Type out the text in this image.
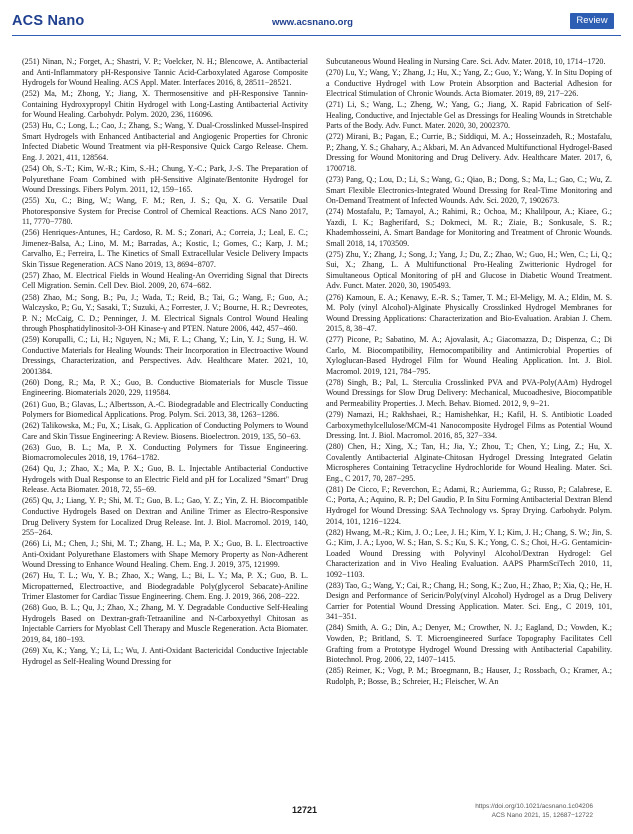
ACS Nano	www.acsnano.org	Review

(251) Ninan, N.; Forget, A.; Shastri, V. P.; Voelcker, N. H.; Blencowe, A. Antibacterial and Anti-Inflammatory pH-Responsive Tannic Acid-Carboxylated Agarose Composite Hydrogels for Wound Healing. ACS Appl. Mater. Interfaces 2016, 8, 28511−28521.

(252) Ma, M.; Zhong, Y.; Jiang, X. Thermosensitive and pH-Responsive Tannin-Containing Hydroxypropyl Chitin Hydrogel with Long-Lasting Antibacterial Activity for Wound Healing. Carbohydr. Polym. 2020, 236, 116096.

(253) Hu, C.; Long, L.; Cao, J.; Zhang, S.; Wang, Y. Dual-Crosslinked Mussel-Inspired Smart Hydrogels with Enhanced Antibacterial and Angiogenic Properties for Chronic Infected Diabetic Wound Treatment via pH-Responsive Quick Cargo Release. Chem. Eng. J. 2021, 411, 128564.

(254) Oh, S.-T.; Kim, W.-R.; Kim, S.-H.; Chung, Y.-C.; Park, J.-S. The Preparation of Polyurethane Foam Combined with pH-Sensitive Alginate/Bentonite Hydrogel for Wound Dressings. Fibers Polym. 2011, 12, 159−165.

(255) Xu, C.; Bing, W.; Wang, F. M.; Ren, J. S.; Qu, X. G. Versatile Dual Photoresponsive System for Precise Control of Chemical Reactions. ACS Nano 2017, 11, 7770−7780.

(256) Henriques-Antunes, H.; Cardoso, R. M. S.; Zonari, A.; Correia, J.; Leal, E. C.; Jimenez-Balsa, A.; Lino, M. M.; Barradas, A.; Kostic, I.; Gomes, C.; Karp, J. M.; Carvalho, E.; Ferreira, L. The Kinetics of Small Extracellular Vesicle Delivery Impacts Skin Tissue Regeneration. ACS Nano 2019, 13, 8694−8707.

(257) Zhao, M. Electrical Fields in Wound Healing-An Overriding Signal that Directs Cell Migration. Semin. Cell Dev. Biol. 2009, 20, 674−682.

(258) Zhao, M.; Song, B.; Pu, J.; Wada, T.; Reid, B.; Tai, G.; Wang, F.; Guo, A.; Walczysko, P.; Gu, Y.; Sasaki, T.; Suzuki, A.; Forrester, J. V.; Bourne, H. R.; Devreotes, P. N.; McCaig, C. D.; Penninger, J. M. Electrical Signals Control Wound Healing through Phosphatidylinositol-3-OH Kinase-γ and PTEN. Nature 2006, 442, 457−460.

(259) Korupalli, C.; Li, H.; Nguyen, N.; Mi, F. L.; Chang, Y.; Lin, Y. J.; Sung, H. W. Conductive Materials for Healing Wounds: Their Incorporation in Electroactive Wound Dressings, Characterization, and Perspectives. Adv. Healthcare Mater. 2021, 10, 2001384.

(260) Dong, R.; Ma, P. X.; Guo, B. Conductive Biomaterials for Muscle Tissue Engineering. Biomaterials 2020, 229, 119584.

(261) Guo, B.; Glavas, L.; Albertsson, A.-C. Biodegradable and Electrically Conducting Polymers for Biomedical Applications. Prog. Polym. Sci. 2013, 38, 1263−1286.

(262) Talikowska, M.; Fu, X.; Lisak, G. Application of Conducting Polymers to Wound Care and Skin Tissue Engineering: A Review. Biosens. Bioelectron. 2019, 135, 50−63.

(263) Guo, B. L.; Ma, P. X. Conducting Polymers for Tissue Engineering. Biomacromolecules 2018, 19, 1764−1782.

(264) Qu, J.; Zhao, X.; Ma, P. X.; Guo, B. L. Injectable Antibacterial Conductive Hydrogels with Dual Response to an Electric Field and pH for Localized "Smart" Drug Release. Acta Biomater. 2018, 72, 55−69.

(265) Qu, J.; Liang, Y. P.; Shi, M. T.; Guo, B. L.; Gao, Y. Z.; Yin, Z. H. Biocompatible Conductive Hydrogels Based on Dextran and Aniline Trimer as Electro-Responsive Drug Delivery System for Localized Drug Release. Int. J. Biol. Macromol. 2019, 140, 255−264.

(266) Li, M.; Chen, J.; Shi, M. T.; Zhang, H. L.; Ma, P. X.; Guo, B. L. Electroactive Anti-Oxidant Polyurethane Elastomers with Shape Memory Property as Non-Adherent Wound Dressing to Enhance Wound Healing. Chem. Eng. J. 2019, 375, 121999.

(267) Hu, T. L.; Wu, Y. B.; Zhao, X.; Wang, L.; Bi, L. Y.; Ma, P. X.; Guo, B. L. Micropatterned, Electroactive, and Biodegradable Poly(glycerol Sebacate)-Aniline Trimer Elastomer for Cardiac Tissue Engineering. Chem. Eng. J. 2019, 366, 208−222.

(268) Guo, B. L.; Qu, J.; Zhao, X.; Zhang, M. Y. Degradable Conductive Self-Healing Hydrogels Based on Dextran-graft-Tetraaniline and N-Carboxyethyl Chitosan as Injectable Carriers for Myoblast Cell Therapy and Muscle Regeneration. Acta Biomater. 2019, 84, 180−193.

(269) Xu, K.; Yang, Y.; Li, L.; Wu, J. Anti-Oxidant Bactericidal Conductive Injectable Hydrogel as Self-Healing Wound Dressing for

Subcutaneous Wound Healing in Nursing Care. Sci. Adv. Mater. 2018, 10, 1714−1720.

(270) Lu, Y.; Wang, Y.; Zhang, J.; Hu, X.; Yang, Z.; Guo, Y.; Wang, Y. In Situ Doping of a Conductive Hydrogel with Low Protein Absorption and Bacterial Adhesion for Electrical Stimulation of Chronic Wounds. Acta Biomater. 2019, 89, 217−226.

(271) Li, S.; Wang, L.; Zheng, W.; Yang, G.; Jiang, X. Rapid Fabrication of Self-Healing, Conductive, and Injectable Gel as Dressings for Healing Wounds in Stretchable Parts of the Body. Adv. Funct. Mater. 2020, 30, 2002370.

(272) Mirani, B.; Pagan, E.; Currie, B.; Siddiqui, M. A.; Hosseinzadeh, R.; Mostafalu, P.; Zhang, Y. S.; Ghahary, A.; Akbari, M. An Advanced Multifunctional Hydrogel-Based Dressing for Wound Monitoring and Drug Delivery. Adv. Healthcare Mater. 2017, 6, 1700718.

(273) Pang, Q.; Lou, D.; Li, S.; Wang, G.; Qiao, B.; Dong, S.; Ma, L.; Gao, C.; Wu, Z. Smart Flexible Electronics-Integrated Wound Dressing for Real-Time Monitoring and On-Demand Treatment of Infected Wounds. Adv. Sci. 2020, 7, 1902673.

(274) Mostafalu, P.; Tamayol, A.; Rahimi, R.; Ochoa, M.; Khalilpour, A.; Kiaee, G.; Yazdi, I. K.; Bagherifard, S.; Dokmeci, M. R.; Ziaie, B.; Sonkusale, S. R.; Khademhosseini, A. Smart Bandage for Monitoring and Treatment of Chronic Wounds. Small 2018, 14, 1703509.

(275) Zhu, Y.; Zhang, J.; Song, J.; Yang, J.; Du, Z.; Zhao, W.; Guo, H.; Wen, C.; Li, Q.; Sui, X.; Zhang, L. A Multifunctional Pro-Healing Zwitterionic Hydrogel for Simultaneous Optical Monitoring of pH and Glucose in Diabetic Wound Treatment. Adv. Funct. Mater. 2020, 30, 1905493.

(276) Kamoun, E. A.; Kenawy, E.-R. S.; Tamer, T. M.; El-Meligy, M. A.; Eldin, M. S. M. Poly (vinyl Alcohol)-Alginate Physically Crosslinked Hydrogel Membranes for Wound Dressing Applications: Characterization and Bio-Evaluation. Arabian J. Chem. 2015, 8, 38−47.

(277) Picone, P.; Sabatino, M. A.; Ajovalasit, A.; Giacomazza, D.; Dispenza, C.; Di Carlo, M. Biocompatibility, Hemocompatibility and Antimicrobial Properties of Xyloglucan-Based Hydrogel Film for Wound Healing Application. Int. J. Biol. Macromol. 2019, 121, 784−795.

(278) Singh, B.; Pal, L. Sterculia Crosslinked PVA and PVA-Poly(AAm) Hydrogel Wound Dressings for Slow Drug Delivery: Mechanical, Mucoadhesive, Biocompatible and Permeability Properties. J. Mech. Behav. Biomed. 2012, 9, 9−21.

(279) Namazi, H.; Rakhshaei, R.; Hamishehkar, H.; Kafil, H. S. Antibiotic Loaded Carboxymethylcellulose/MCM-41 Nanocomposite Hydrogel Films as Potential Wound Dressing. Int. J. Biol. Macromol. 2016, 85, 327−334.

(280) Chen, H.; Xing, X.; Tan, H.; Jia, Y.; Zhou, T.; Chen, Y.; Ling, Z.; Hu, X. Covalently Antibacterial Alginate-Chitosan Hydrogel Dressing Integrated Gelatin Microspheres Containing Tetracycline Hydrochloride for Wound Healing. Mater. Sci. Eng., C 2017, 70, 287−295.

(281) De Cicco, F.; Reverchon, E.; Adami, R.; Auriemma, G.; Russo, P.; Calabrese, E. C.; Porta, A.; Aquino, R. P.; Del Gaudio, P. In Situ Forming Antibacterial Dextran Blend Hydrogel for Wound Dressing: SAA Technology vs. Spray Drying. Carbohydr. Polym. 2014, 101, 1216−1224.

(282) Hwang, M.-R.; Kim, J. O.; Lee, J. H.; Kim, Y. I.; Kim, J. H.; Chang, S. W.; Jin, S. G.; Kim, J. A.; Lyoo, W. S.; Han, S. S.; Ku, S. K.; Yong, C. S.; Choi, H.-G. Gentamicin-Loaded Wound Dressing with Polyvinyl Alcohol/Dextran Hydrogel: Gel Characterization and in Vivo Healing Evaluation. AAPS PharmSciTech 2010, 11, 1092−1103.

(283) Tao, G.; Wang, Y.; Cai, R.; Chang, H.; Song, K.; Zuo, H.; Zhao, P.; Xia, Q.; He, H. Design and Performance of Sericin/Poly(vinyl Alcohol) Hydrogel as a Drug Delivery Carrier for Potential Wound Dressing Application. Mater. Sci. Eng., C 2019, 101, 341−351.

(284) Smith, A. G.; Din, A.; Denyer, M.; Crowther, N. J.; Eagland, D.; Vowden, K.; Vowden, P.; Britland, S. T. Microengineered Surface Topography Facilitates Cell Grafting from a Prototype Hydrogel Wound Dressing with Antibacterial Capability. Biotechnol. Prog. 2006, 22, 1407−1415.

(285) Reimer, K.; Vogt, P. M.; Broegmann, B.; Hauser, J.; Rossbach, O.; Kramer, A.; Rudolph, P.; Bosse, B.; Schreier, H.; Fleischer, W. An

12721	https://doi.org/10.1021/acsnano.1c04206
ACS Nano 2021, 15, 12687−12722
